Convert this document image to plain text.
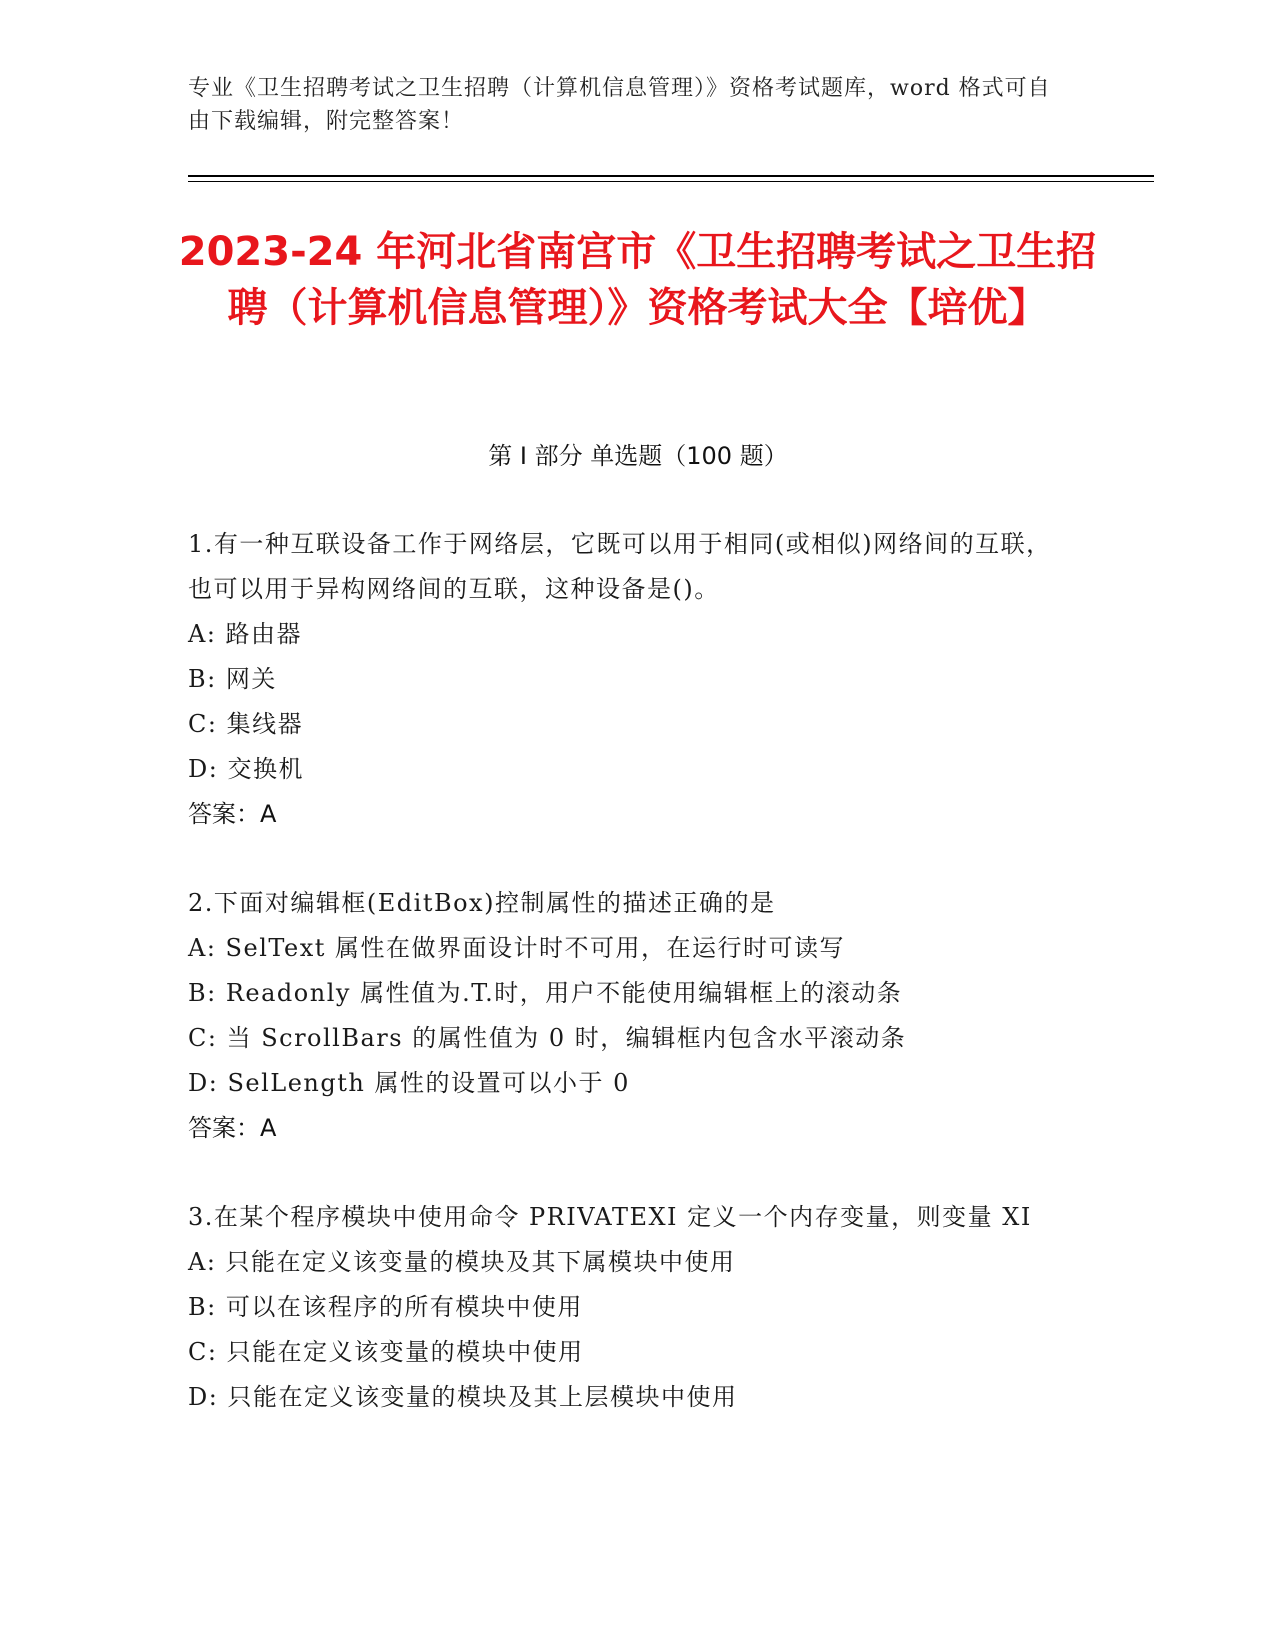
专业《卫生招聘考试之卫生招聘（计算机信息管理）》资格考试题库，word 格式可自由下载编辑，附完整答案！
2023-24 年河北省南宫市《卫生招聘考试之卫生招聘（计算机信息管理）》资格考试大全【培优】
第 I 部分 单选题（100 题）
1.有一种互联设备工作于网络层，它既可以用于相同(或相似)网络间的互联，也可以用于异构网络间的互联，这种设备是()。
A: 路由器
B: 网关
C: 集线器
D: 交换机
答案：A
2.下面对编辑框(EditBox)控制属性的描述正确的是
A: SelText 属性在做界面设计时不可用，在运行时可读写
B: Readonly 属性值为.T.时，用户不能使用编辑框上的滚动条
C: 当 ScrollBars 的属性值为 0 时，编辑框内包含水平滚动条
D: SelLength 属性的设置可以小于 0
答案：A
3.在某个程序模块中使用命令 PRIVATEXI 定义一个内存变量，则变量 XI
A: 只能在定义该变量的模块及其下属模块中使用
B: 可以在该程序的所有模块中使用
C: 只能在定义该变量的模块中使用
D: 只能在定义该变量的模块及其上层模块中使用
